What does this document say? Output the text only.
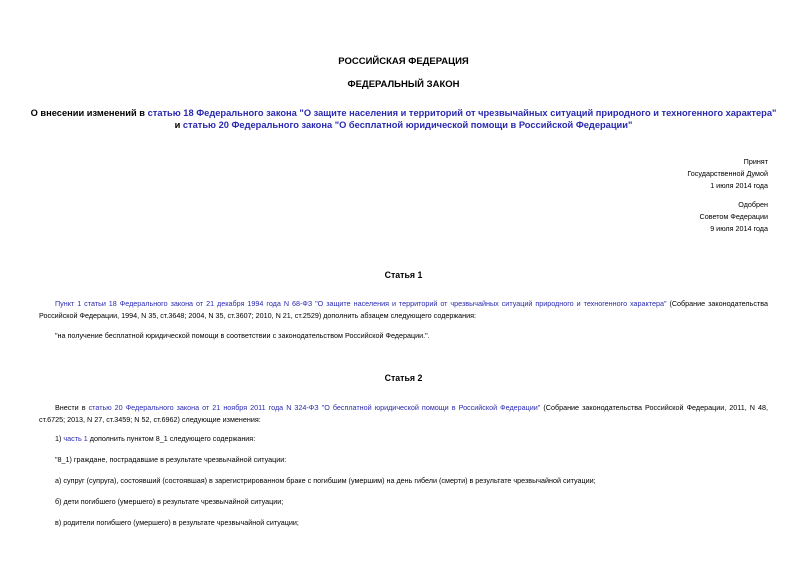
РОССИЙСКАЯ ФЕДЕРАЦИЯ
ФЕДЕРАЛЬНЫЙ ЗАКОН
О внесении изменений в статью 18 Федерального закона "О защите населения и территорий от чрезвычайных ситуаций природного и техногенного характера" и статью 20 Федерального закона "О бесплатной юридической помощи в Российской Федерации"
Принят
Государственной Думой
1 июля 2014 года
Одобрен
Советом Федерации
9 июля 2014 года
Статья 1
Пункт 1 статьи 18 Федерального закона от 21 декабря 1994 года N 68-ФЗ "О защите населения и территорий от чрезвычайных ситуаций природного и техногенного характера" (Собрание законодательства Российской Федерации, 1994, N 35, ст.3648; 2004, N 35, ст.3607; 2010, N 21, ст.2529) дополнить абзацем следующего содержания:
"на получение бесплатной юридической помощи в соответствии с законодательством Российской Федерации.".
Статья 2
Внести в статью 20 Федерального закона от 21 ноября 2011 года N 324-ФЗ "О бесплатной юридической помощи в Российской Федерации" (Собрание законодательства Российской Федерации, 2011, N 48, ст.6725; 2013, N 27, ст.3459; N 52, ст.6962) следующие изменения:
1) часть 1 дополнить пунктом 8_1 следующего содержания:
"8_1) граждане, пострадавшие в результате чрезвычайной ситуации:
а) супруг (супруга), состоявший (состоявшая) в зарегистрированном браке с погибшим (умершим) на день гибели (смерти) в результате чрезвычайной ситуации;
б) дети погибшего (умершего) в результате чрезвычайной ситуации;
в) родители погибшего (умершего) в результате чрезвычайной ситуации;
